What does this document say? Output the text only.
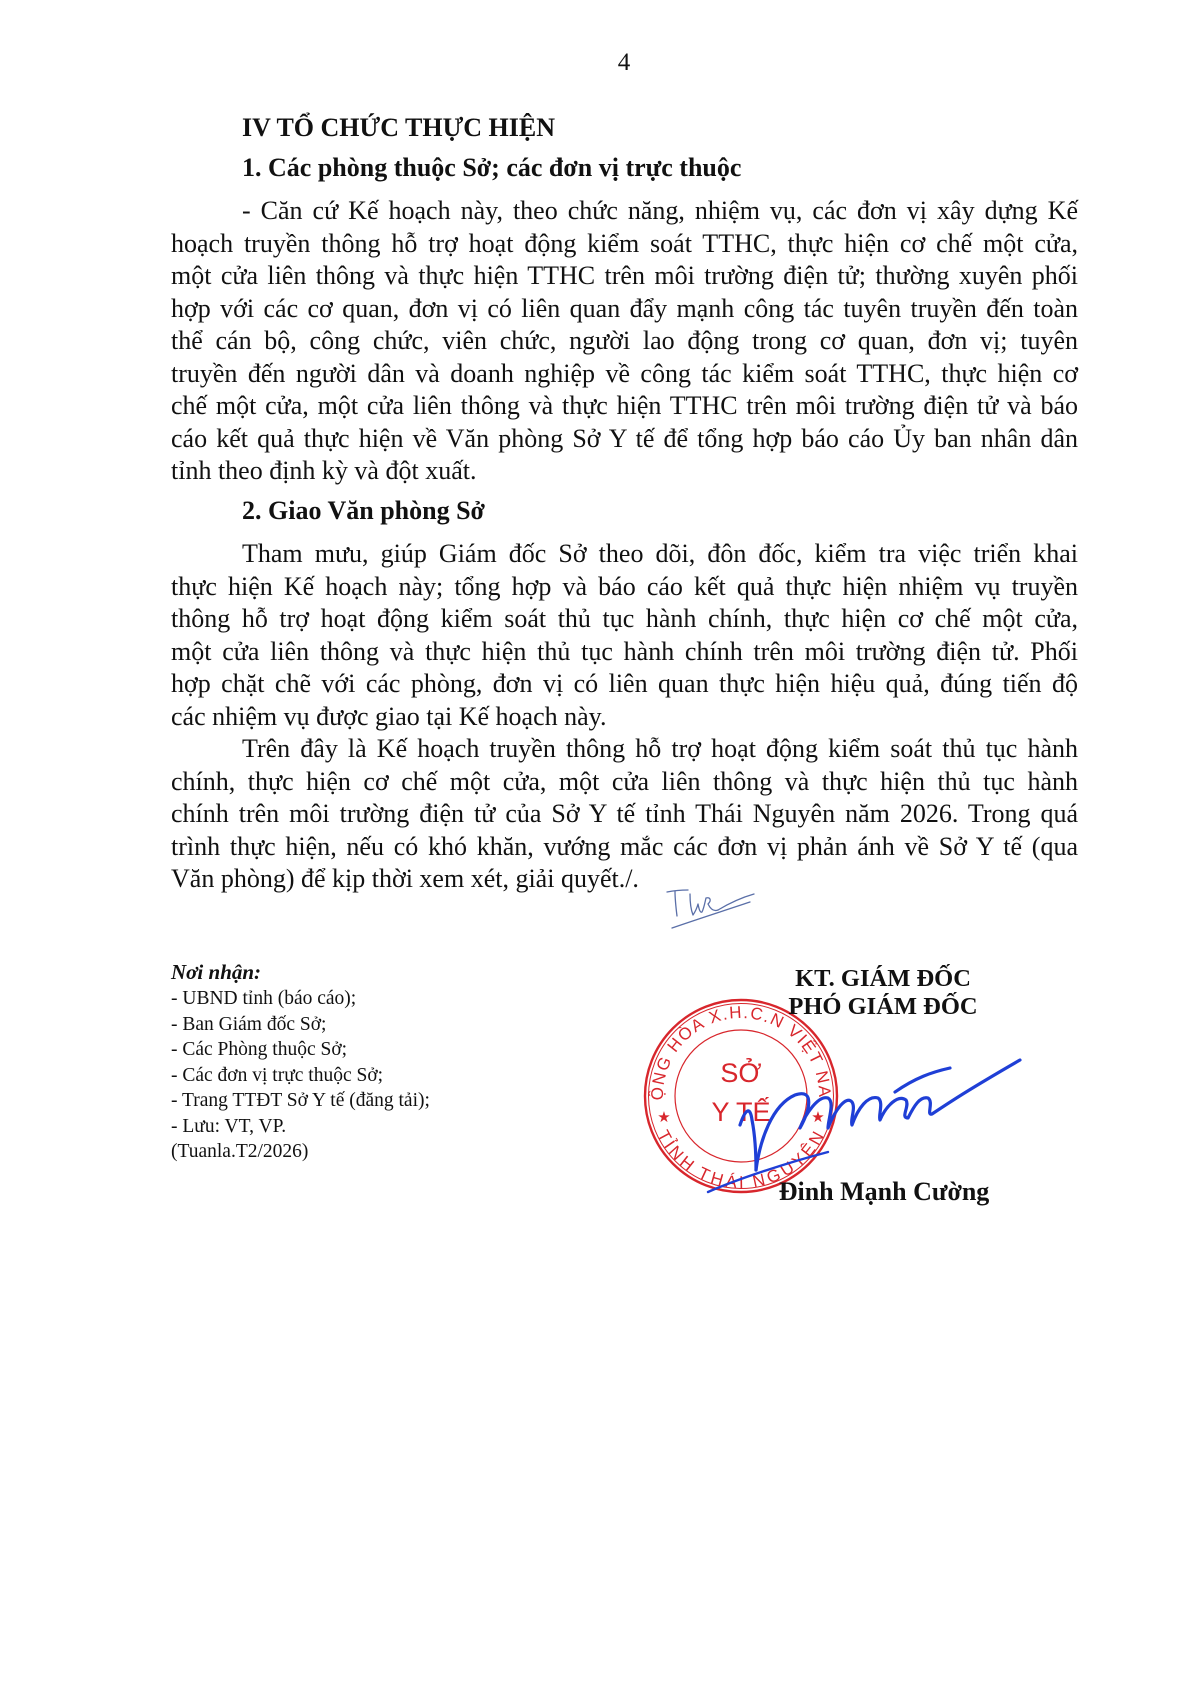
4
IV TỔ CHỨC THỰC HIỆN
1. Các phòng thuộc Sở; các đơn vị trực thuộc
- Căn cứ Kế hoạch này, theo chức năng, nhiệm vụ, các đơn vị xây dựng Kế
hoạch truyền thông hỗ trợ hoạt động kiểm soát TTHC, thực hiện cơ chế một cửa,
một cửa liên thông và thực hiện TTHC trên môi trường điện tử; thường xuyên phối
hợp với các cơ quan, đơn vị có liên quan đẩy mạnh công tác tuyên truyền đến toàn
thể cán bộ, công chức, viên chức, người lao động trong cơ quan, đơn vị; tuyên
truyền đến người dân và doanh nghiệp về công tác kiểm soát TTHC, thực hiện cơ
chế một cửa, một cửa liên thông và thực hiện TTHC trên môi trường điện tử và báo
cáo kết quả thực hiện về Văn phòng Sở Y tế để tổng hợp báo cáo Ủy ban nhân dân
tỉnh theo định kỳ và đột xuất.
2. Giao Văn phòng Sở
Tham mưu, giúp Giám đốc Sở theo dõi, đôn đốc, kiểm tra việc triển khai
thực hiện Kế hoạch này; tổng hợp và báo cáo kết quả thực hiện nhiệm vụ truyền
thông hỗ trợ hoạt động kiểm soát thủ tục hành chính, thực hiện cơ chế một cửa,
một cửa liên thông và thực hiện thủ tục hành chính trên môi trường điện tử. Phối
hợp chặt chẽ với các phòng, đơn vị có liên quan thực hiện hiệu quả, đúng tiến độ
các nhiệm vụ được giao tại Kế hoạch này.
Trên đây là Kế hoạch truyền thông hỗ trợ hoạt động kiểm soát thủ tục hành
chính, thực hiện cơ chế một cửa, một cửa liên thông và thực hiện thủ tục hành
chính trên môi trường điện tử của Sở Y tế tỉnh Thái Nguyên năm 2026. Trong quá
trình thực hiện, nếu có khó khăn, vướng mắc các đơn vị phản ánh về Sở Y tế (qua
Văn phòng) để kịp thời xem xét, giải quyết./.
Nơi nhận:
- UBND tỉnh (báo cáo);
- Ban Giám đốc Sở;
- Các Phòng thuộc Sở;
- Các đơn vị trực thuộc Sở;
- Trang TTĐT Sở Y tế (đăng tải);
- Lưu: VT, VP.
(Tuanla.T2/2026)
CỘNG HÒA X.H.C.N VIỆT NAM
TỈNH THÁI NGUYÊN
SỞ
Y TẾ
★	★
KT. GIÁM ĐỐC
PHÓ GIÁM ĐỐC
Đinh Mạnh Cường
